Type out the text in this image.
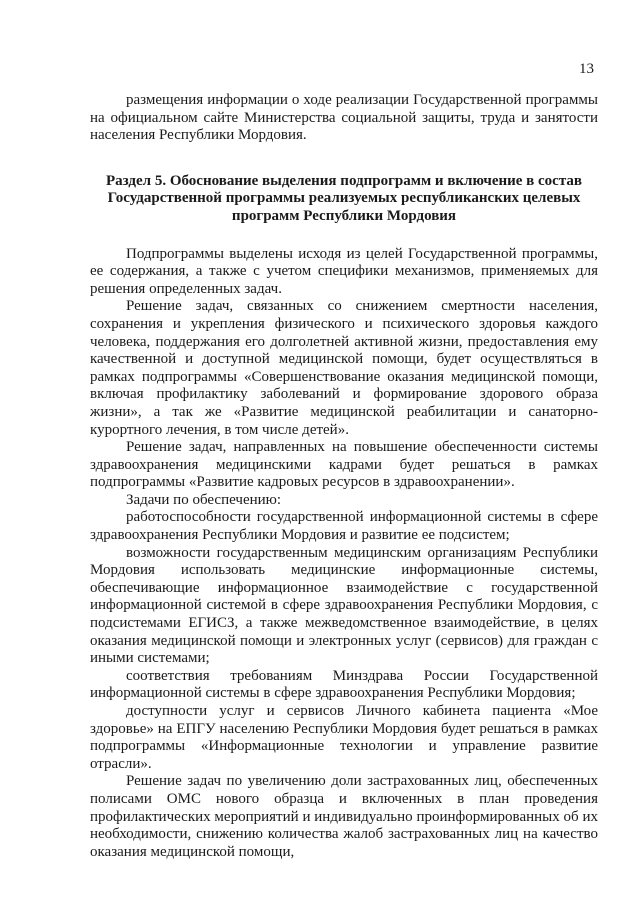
13

размещения информации о ходе реализации Государственной программы на официальном сайте Министерства социальной защиты, труда и занятости населения Республики Мордовия.

Раздел 5. Обоснование выделения подпрограмм и включение в состав Государственной программы реализуемых республиканских целевых программ Республики Мордовия

Подпрограммы выделены исходя из целей Государственной программы, ее содержания, а также с учетом специфики механизмов, применяемых для решения определенных задач.

Решение задач, связанных со снижением смертности населения, сохранения и укрепления физического и психического здоровья каждого человека, поддержания его долголетней активной жизни, предоставления ему качественной и доступной медицинской помощи, будет осуществляться в рамках подпрограммы «Совершенствование оказания медицинской помощи, включая профилактику заболеваний и формирование здорового образа жизни», а так же «Развитие медицинской реабилитации и санаторно-курортного лечения, в том числе детей».

Решение задач, направленных на повышение обеспеченности системы здравоохранения медицинскими кадрами будет решаться в рамках подпрограммы «Развитие кадровых ресурсов в здравоохранении».

Задачи по обеспечению:

работоспособности государственной информационной системы в сфере здравоохранения Республики Мордовия и развитие ее подсистем;

возможности государственным медицинским организациям Республики Мордовия использовать медицинские информационные системы, обеспечивающие информационное взаимодействие с государственной информационной системой в сфере здравоохранения Республики Мордовия, с подсистемами ЕГИСЗ, а также межведомственное взаимодействие, в целях оказания медицинской помощи и электронных услуг (сервисов) для граждан с иными системами;

соответствия требованиям Минздрава России Государственной информационной системы в сфере здравоохранения Республики Мордовия;

доступности услуг и сервисов Личного кабинета пациента «Мое здоровье» на ЕПГУ населению Республики Мордовия будет решаться в рамках подпрограммы «Информационные технологии и управление развитие отрасли».

Решение задач по увеличению доли застрахованных лиц, обеспеченных полисами ОМС нового образца и включенных в план проведения профилактических мероприятий и индивидуально проинформированных об их необходимости, снижению количества жалоб застрахованных лиц на качество оказания медицинской помощи,
